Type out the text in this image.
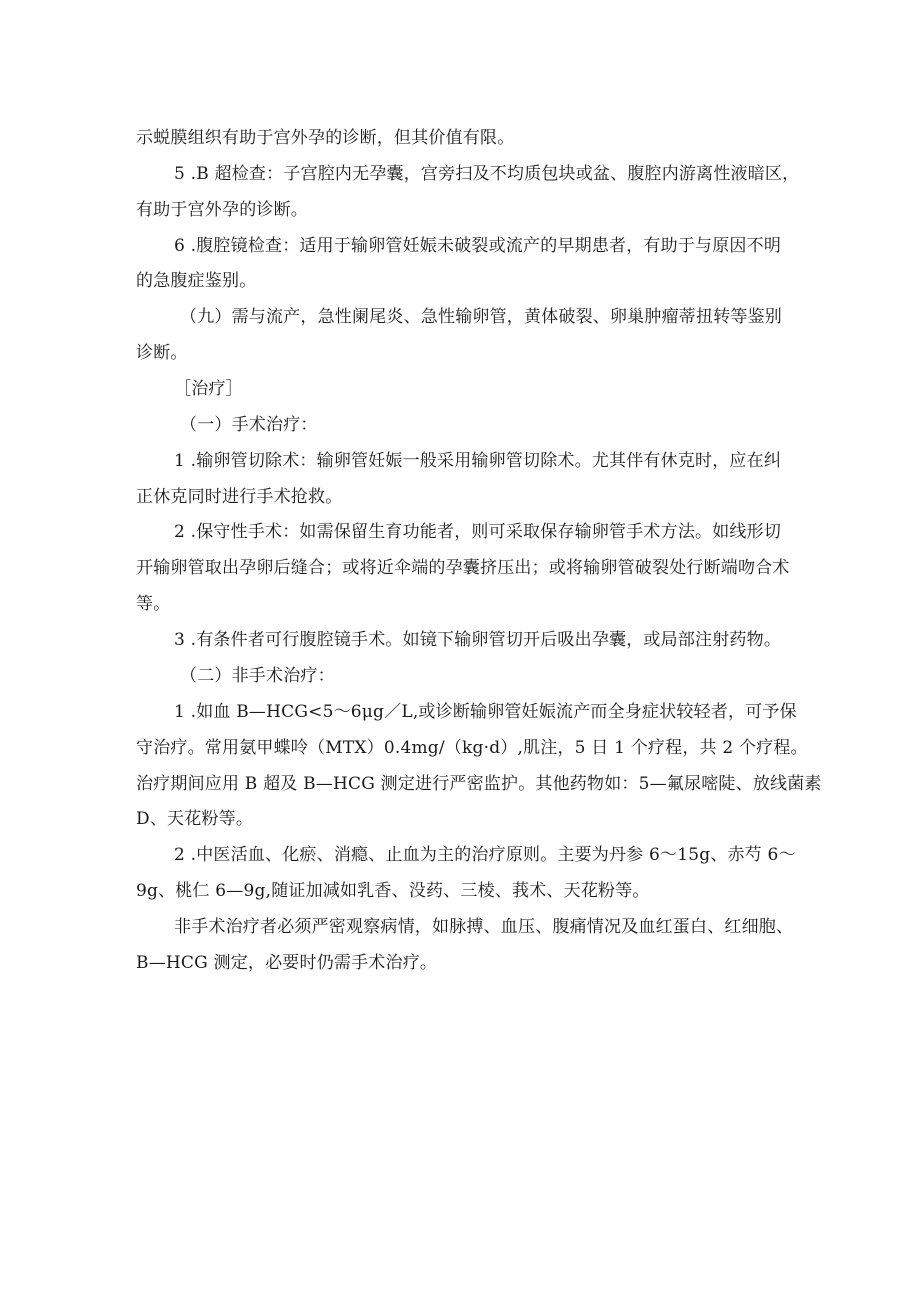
示蜕膜组织有助于宫外孕的诊断，但其价值有限。
5 .B 超检查：子宫腔内无孕囊，宫旁扫及不均质包块或盆、腹腔内游离性液暗区，
有助于宫外孕的诊断。
6 .腹腔镜检查：适用于输卵管妊娠未破裂或流产的早期患者，有助于与原因不明
的急腹症鉴别。
（九）需与流产，急性阑尾炎、急性输卵管，黄体破裂、卵巢肿瘤蒂扭转等鉴别
诊断。
［治疗］
（一）手术治疗：
1 .输卵管切除术：输卵管妊娠一般采用输卵管切除术。尤其伴有休克时，应在纠
正休克同时进行手术抢救。
2 .保守性手术：如需保留生育功能者，则可采取保存输卵管手术方法。如线形切
开输卵管取出孕卵后缝合；或将近伞端的孕囊挤压出；或将输卵管破裂处行断端吻合术
等。
3 .有条件者可行腹腔镜手术。如镜下输卵管切开后吸出孕囊，或局部注射药物。
（二）非手术治疗：
1 .如血 B—HCG<5～6μg／L,或诊断输卵管妊娠流产而全身症状较轻者，可予保
守治疗。常用氨甲蝶呤（MTX）0.4mg/（kg·d）,肌注，5 日 1 个疗程，共 2 个疗程。
治疗期间应用 B 超及 B—HCG 测定进行严密监护。其他药物如：5—氟尿嘧陡、放线菌素
D、天花粉等。
2 .中医活血、化瘀、消瘾、止血为主的治疗原则。主要为丹参 6～15g、赤芍 6～
9g、桃仁 6—9g,随证加减如乳香、没药、三棱、莪术、天花粉等。
非手术治疗者必须严密观察病情，如脉搏、血压、腹痛情况及血红蛋白、红细胞、
B—HCG 测定，必要时仍需手术治疗。
